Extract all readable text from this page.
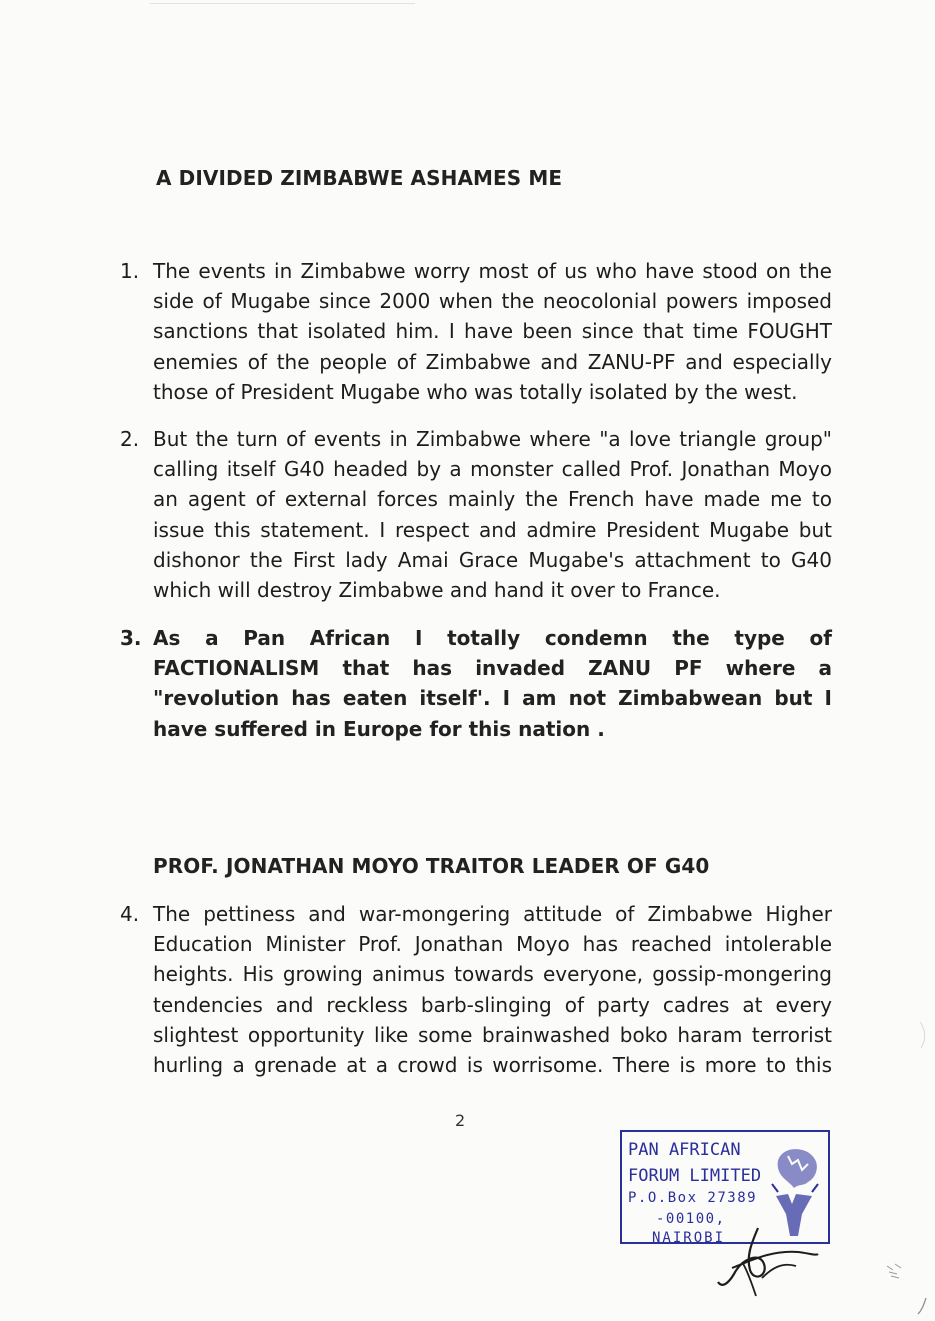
A DIVIDED ZIMBABWE ASHAMES ME
1. The events in Zimbabwe worry most of us who have stood on the side of Mugabe since 2000 when the neocolonial powers imposed sanctions that isolated him. I have been since that time FOUGHT enemies of the people of Zimbabwe and ZANU-PF and especially those of President Mugabe who was totally isolated by the west.

2. But the turn of events in Zimbabwe where "a love triangle group" calling itself G40 headed by a monster called Prof. Jonathan Moyo an agent of external forces mainly the French have made me to issue this statement. I respect and admire President Mugabe but dishonor the First lady Amai Grace Mugabe's attachment to G40 which will destroy Zimbabwe and hand it over to France.

3. As a Pan African I totally condemn the type of FACTIONALISM that has invaded ZANU PF where a "revolution has eaten itself'. I am not Zimbabwean but I have suffered in Europe for this nation .

PROF. JONATHAN MOYO TRAITOR LEADER OF G40
4. The pettiness and war-mongering attitude of Zimbabwe Higher Education Minister Prof. Jonathan Moyo has reached intolerable heights. His growing animus towards everyone, gossip-mongering tendencies and reckless barb-slinging of party cadres at every slightest opportunity like some brainwashed boko haram terrorist hurling a grenade at a crowd is worrisome. There is more to this

2
PAN AFRICAN
FORUM LIMITED
P.O.Box 27389
-00100,
NAIROBI
